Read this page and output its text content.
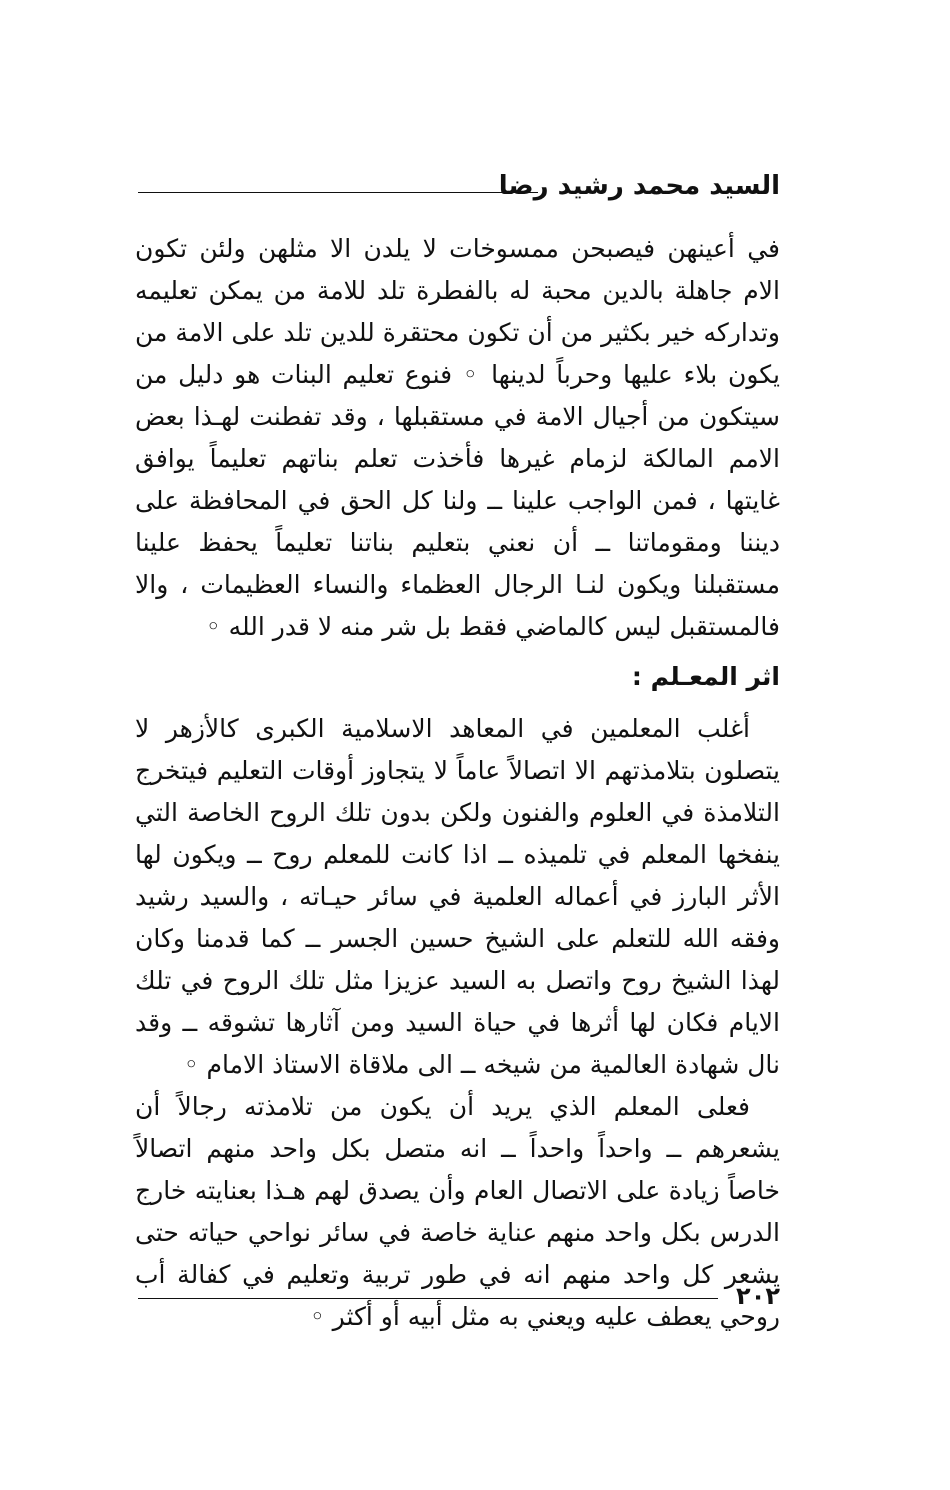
السيد محمد رشيد رضا

في أعينهن فيصبحن ممسوخات لا يلدن الا مثلهن ولئن تكون الام جاهلة بالدين محبة له بالفطرة تلد للامة من يمكن تعليمه وتداركه خير بكثير من أن تكون محتقرة للدين تلد على الامة من يكون بلاء عليها وحرباً لدينها ◦ فنوع تعليم البنات هو دليل من سيتكون من أجيال الامة في مستقبلها ، وقد تفطنت لهـذا بعض الامم المالكة لزمام غيرها فأخذت تعلم بناتهم تعليماً يوافق غايتها ، فمن الواجب علينا ــ ولنا كل الحق في المحافظة على ديننا ومقوماتنا ــ أن نعني بتعليم بناتنا تعليماً يحفظ علينا مستقبلنا ويكون لنـا الرجال العظماء والنساء العظيمات ، والا فالمستقبل ليس كالماضي فقط بل شر منه لا قدر الله ◦

اثر المعـلم :

أغلب المعلمين في المعاهد الاسلامية الكبرى كالأزهر لا يتصلون بتلامذتهم الا اتصالاً عاماً لا يتجاوز أوقات التعليم فيتخرج التلامذة في العلوم والفنون ولكن بدون تلك الروح الخاصة التي ينفخها المعلم في تلميذه ــ اذا كانت للمعلم روح ــ ويكون لها الأثر البارز في أعماله العلمية في سائر حيـاته ، والسيد رشيد وفقه الله للتعلم على الشيخ حسين الجسر ــ كما قدمنا وكان لهذا الشيخ روح واتصل به السيد عزيزا مثل تلك الروح في تلك الايام فكان لها أثرها في حياة السيد ومن آثارها تشوقه ــ وقد نال شهادة العالمية من شيخه ــ الى ملاقاة الاستاذ الامام ◦

فعلى المعلم الذي يريد أن يكون من تلامذته رجالاً أن يشعرهم ــ واحداً واحداً ــ انه متصل بكل واحد منهم اتصالاً خاصاً زيادة على الاتصال العام وأن يصدق لهم هـذا بعنايته خارج الدرس بكل واحد منهم عناية خاصة في سائر نواحي حياته حتى يشعر كل واحد منهم انه في طور تربية وتعليم في كفالة أب روحي يعطف عليه ويعني به مثل أبيه أو أكثر ◦

٢٠٢
